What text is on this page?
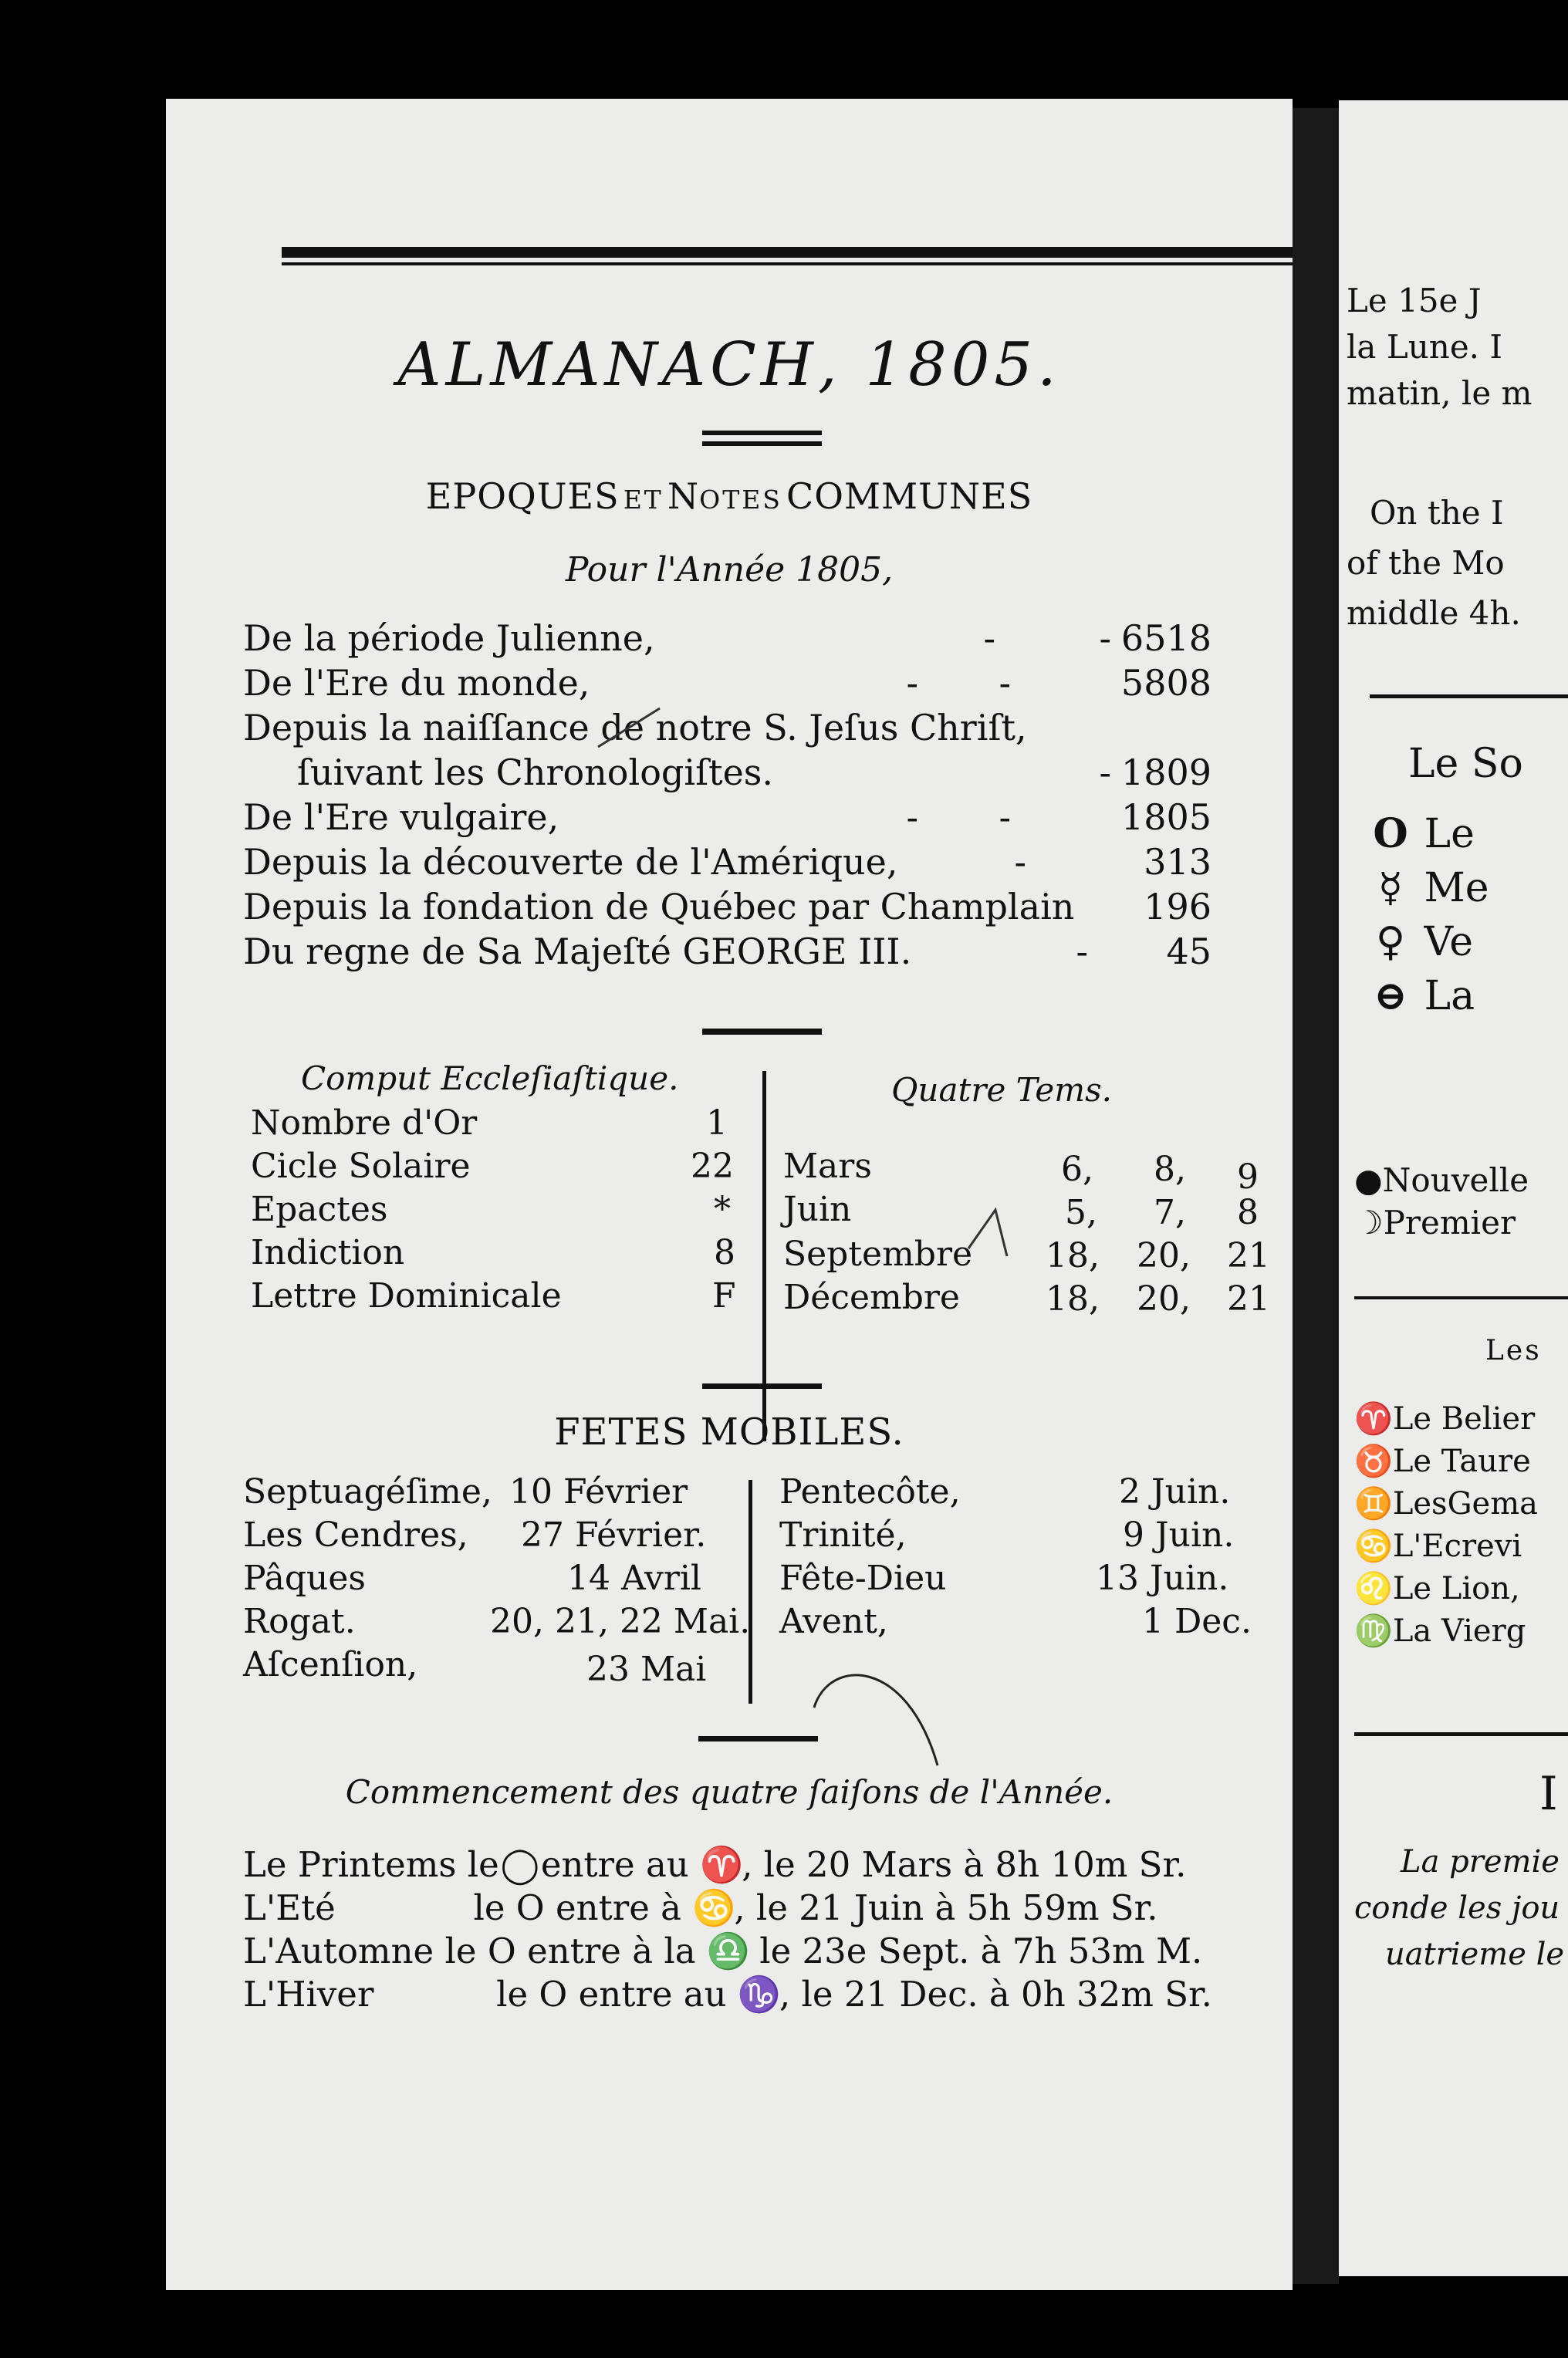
ALMANACH, 1805.
EPOQUES ET NOTES COMMUNES
Pour l'Année 1805,
De la période Julienne,	-	- 6518
De l'Ere du monde,	- -	5808
Depuis la naiſſance de notre S. Jeſus Chriſt,
ſuivant les Chronologiſtes.	- 1809
De l'Ere vulgaire,	- -	1805
Depuis la découverte de l'Amérique,	-	313
Depuis la fondation de Québec par Champlain 196
Du regne de Sa Majeſté GEORGE III.	- 45
Comput Eccleſiaſtique.	Quatre Tems.
Nombre d'Or	1
Cicle Solaire	22
Epactes	*
Indiction	8
Lettre Dominicale	F
Mars	6, 8, 9
Juin	5, 7, 8
Septembre 18, 20, 21
Décembre	18, 20, 21
FETES MOBILES.
Septuagéſime, 10 Février
Les Cendres, 27 Février.
Pâques	14 Avril
Rogat.	20, 21, 22 Mai.
Aſcenſion,	23 Mai
Pentecôte,	2 Juin.
Trinité,	9 Juin.
Fête-Dieu	13 Juin.
Avent,	1 Dec.
Commencement des quatre ſaiſons de l'Année.
Le Printems le◯entre au ♈, le 20 Mars à 8h 10m Sr.
L'Eté	le O entre à ♋, le 21 Juin à 5h 59m Sr.
L'Automne le O entre à la ♎ le 23e Sept. à 7h 53m M.
L'Hiver	le O entre au ♑, le 21 Dec. à 0h 32m Sr.
Le 15e J
la Lune. I
matin, le m
On the I
of the Mo
middle 4h.
Le So
O Le
☿ Me
♀ Ve
⊖ La
●Nouvelle
☽Premier
Les
♈Le Belier
♉Le Taure
♊LesGema
♋L'Ecrevi
♌Le Lion,
♍La Vierg
I
La premie
conde les jou
uatrieme le
